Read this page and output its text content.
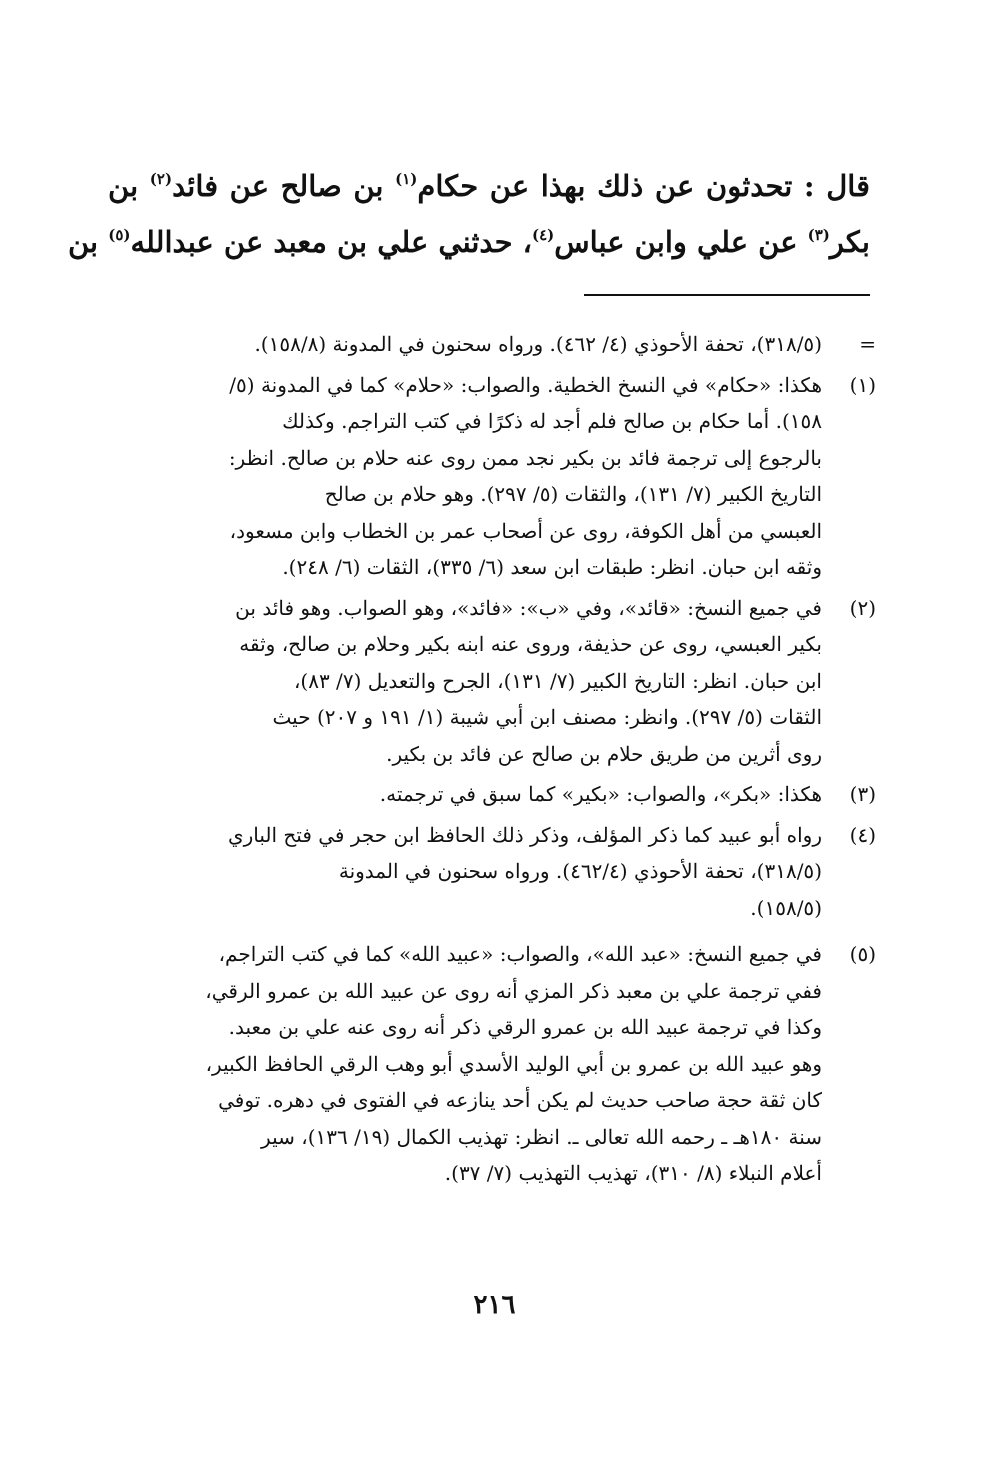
قال : تحدثون عن ذلك بهذا عن حكام$^{(١)}$ بن صالح عن فائد$^{(٢)}$ بن
بكر$^{(٣)}$ عن علي وابن عباس$^{(٤)}$، حدثني علي بن معبد عن عبدالله$^{(٥)}$ بن
=
(٣١٨/٥)، تحفة الأحوذي (٤/ ٤٦٢). ورواه سحنون في المدونة (١٥٨/٨).
(١)
هكذا: «حكام» في النسخ الخطية. والصواب: «حلام» كما في المدونة (٥/
١٥٨). أما حكام بن صالح فلم أجد له ذكرًا في كتب التراجم. وكذلك
بالرجوع إلى ترجمة فائد بن بكير نجد ممن روى عنه حلام بن صالح. انظر:
التاريخ الكبير (٧/ ١٣١)، والثقات (٥/ ٢٩٧). وهو حلام بن صالح
العبسي من أهل الكوفة، روى عن أصحاب عمر بن الخطاب وابن مسعود،
وثقه ابن حبان. انظر: طبقات ابن سعد (٦/ ٣٣٥)، الثقات (٦/ ٢٤٨).
(٢)
في جميع النسخ: «قائد»، وفي «ب»: «فائد»، وهو الصواب. وهو فائد بن
بكير العبسي، روى عن حذيفة، وروى عنه ابنه بكير وحلام بن صالح، وثقه
ابن حبان. انظر: التاريخ الكبير (٧/ ١٣١)، الجرح والتعديل (٧/ ٨٣)،
الثقات (٥/ ٢٩٧). وانظر: مصنف ابن أبي شيبة (١/ ١٩١ و ٢٠٧) حيث
روى أثرين من طريق حلام بن صالح عن فائد بن بكير.
(٣)
هكذا: «بكر»، والصواب: «بكير» كما سبق في ترجمته.
(٤)
رواه أبو عبيد كما ذكر المؤلف، وذكر ذلك الحافظ ابن حجر في فتح الباري
(٣١٨/٥)، تحفة الأحوذي (٤٦٢/٤). ورواه سحنون في المدونة
(١٥٨/٥).
(٥)
في جميع النسخ: «عبد الله»، والصواب: «عبيد الله» كما في كتب التراجم،
ففي ترجمة علي بن معبد ذكر المزي أنه روى عن عبيد الله بن عمرو الرقي،
وكذا في ترجمة عبيد الله بن عمرو الرقي ذكر أنه روى عنه علي بن معبد.
وهو عبيد الله بن عمرو بن أبي الوليد الأسدي أبو وهب الرقي الحافظ الكبير،
كان ثقة حجة صاحب حديث لم يكن أحد ينازعه في الفتوى في دهره. توفي
سنة ١٨٠هـ ـ رحمه الله تعالى ـ. انظر: تهذيب الكمال (١٩/ ١٣٦)، سير
أعلام النبلاء (٨/ ٣١٠)، تهذيب التهذيب (٧/ ٣٧).
٢١٦
